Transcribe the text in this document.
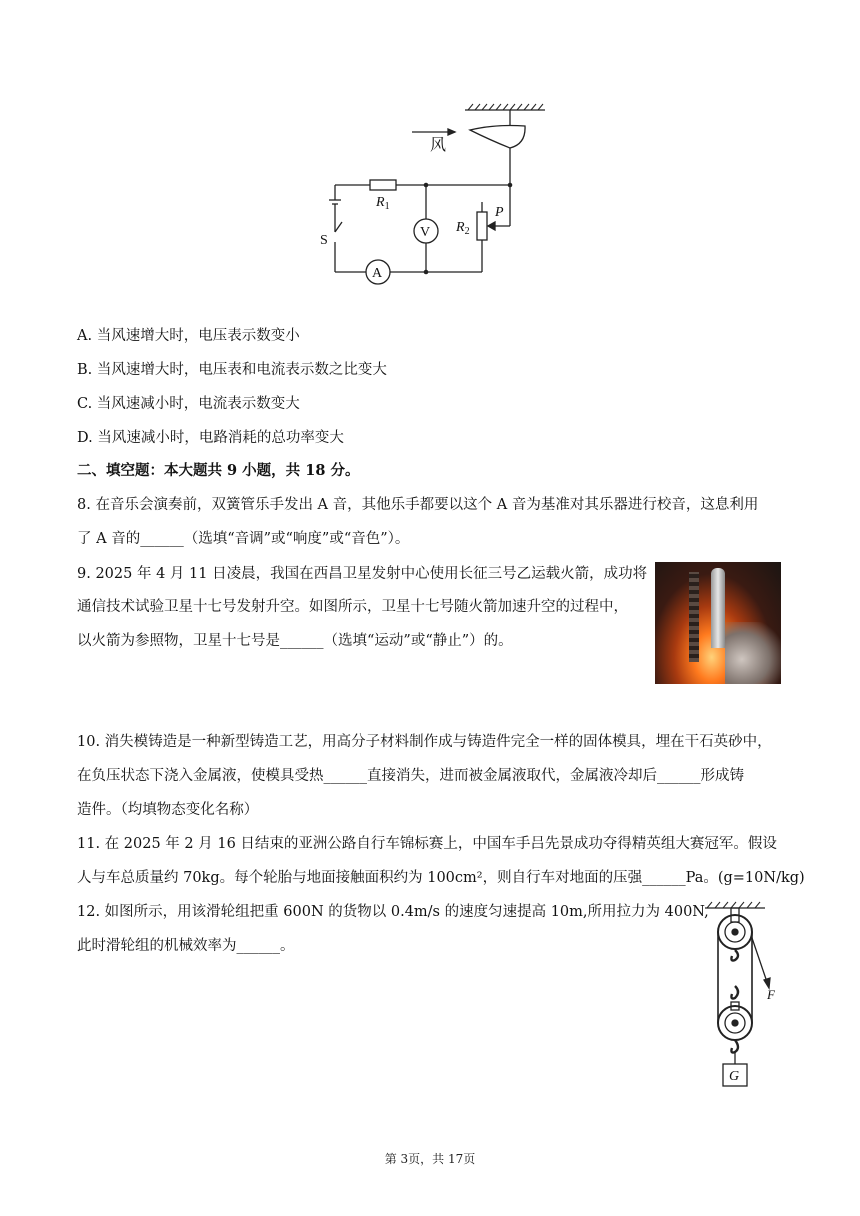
风
$R_1$
$R_2$
P
S
V
A
A. 当风速增大时，电压表示数变小
B. 当风速增大时，电压表和电流表示数之比变大
C. 当风速减小时，电流表示数变大
D. 当风速减小时，电路消耗的总功率变大
二、填空题：本大题共 9 小题，共 18 分。
8. 在音乐会演奏前，双簧管乐手发出 A 音，其他乐手都要以这个 A 音为基准对其乐器进行校音，这息利用
了 A 音的______（选填“音调”或“响度”或“音色”）。
9. 2025 年 4 月 11 日凌晨，我国在西昌卫星发射中心使用长征三号乙运载火箭，成功将
通信技术试验卫星十七号发射升空。如图所示，卫星十七号随火箭加速升空的过程中，
以火箭为参照物，卫星十七号是______（选填“运动”或“静止”）的。
10. 消失模铸造是一种新型铸造工艺，用高分子材料制作成与铸造件完全一样的固体模具，埋在干石英砂中，
在负压状态下浇入金属液，使模具受热______直接消失，进而被金属液取代，金属液冷却后______形成铸
造件。（均填物态变化名称）
11. 在 2025 年 2 月 16 日结束的亚洲公路自行车锦标赛上，中国车手吕先景成功夺得精英组大赛冠军。假设
人与车总质量约 70kg。每个轮胎与地面接触面积约为 100cm²，则自行车对地面的压强______Pa。(g=10N/kg)
12. 如图所示，用该滑轮组把重 600N 的货物以 0.4m/s 的速度匀速提高 10m,所用拉力为 400N,
此时滑轮组的机械效率为______。
F
G
第 3页，共 17页
